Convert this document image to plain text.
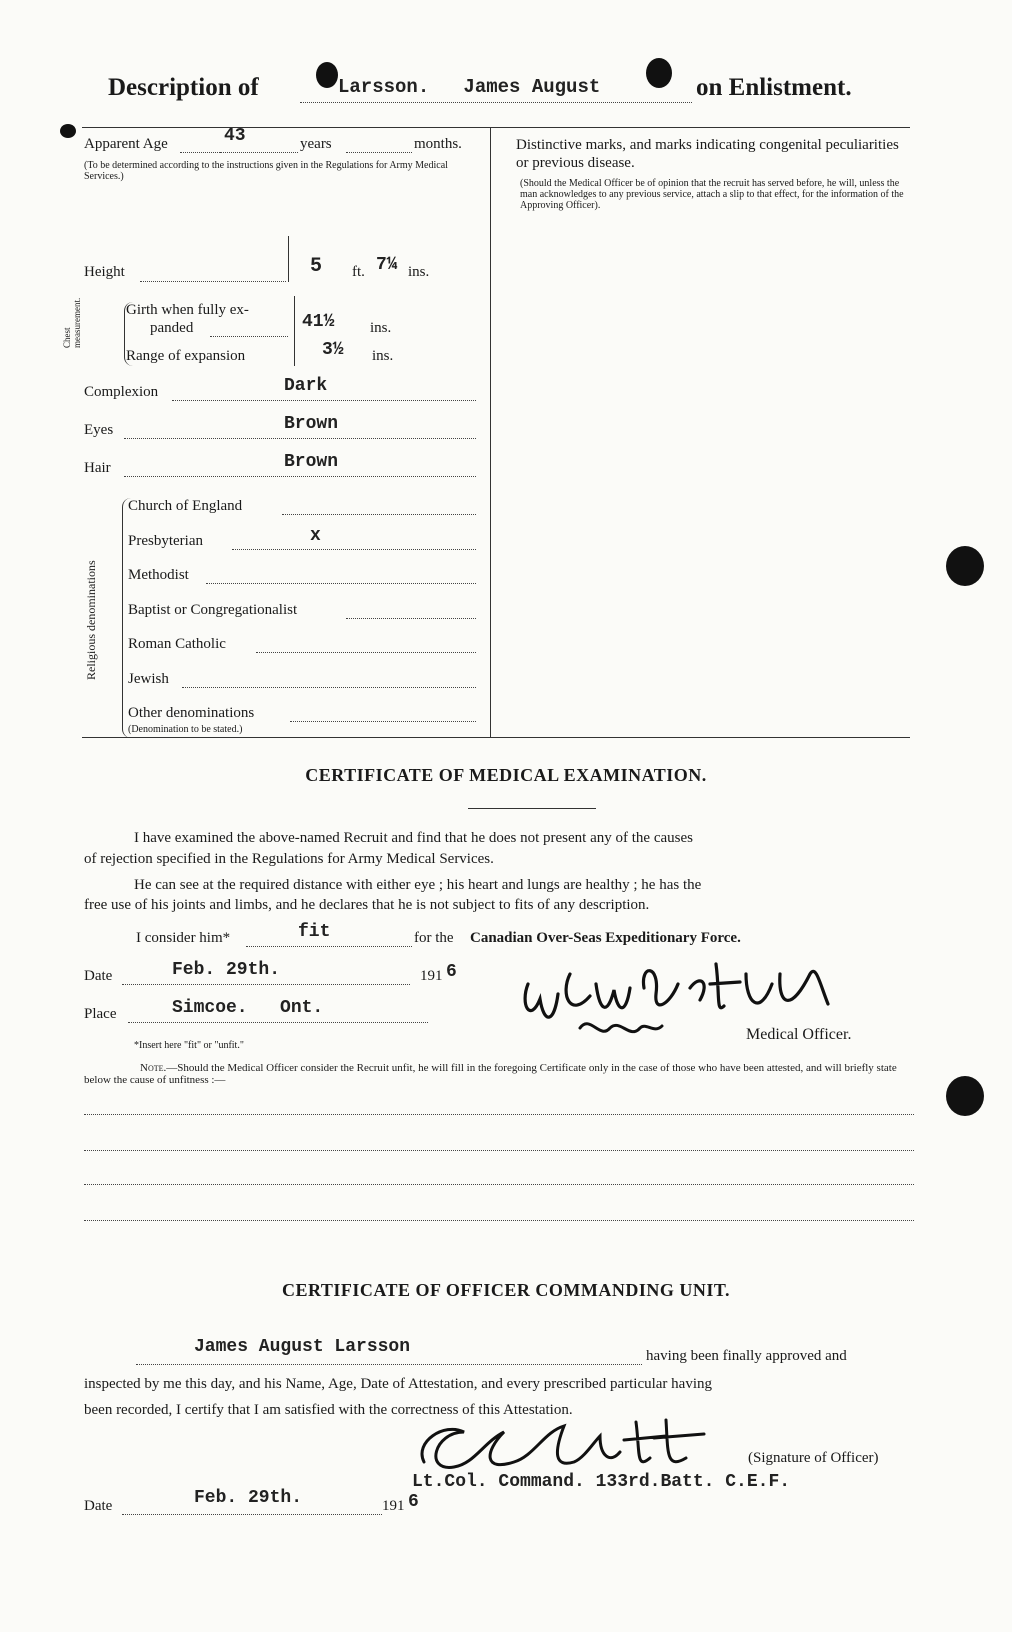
Description of	Larsson.   James August	on Enlistment.
Apparent Age	43	years	months.
(To be determined according to the instructions given in the Regulations for Army Medical Services.)
Height	5 ft. 7¼ ins.
Chest measurement.	Girth when fully ex-
panded	41½ ins.
Range of expansion	3½ ins.
Complexion	Dark
Eyes	Brown
Hair	Brown
Religious denominations
Church of England
Presbyterian	x
Methodist
Baptist or Congregationalist
Roman Catholic
Jewish
Other denominations
(Denomination to be stated.)
Distinctive marks, and marks indicating congenital peculiarities or previous disease.
(Should the Medical Officer be of opinion that the recruit has served before, he will, unless the man acknowledges to any previous service, attach a slip to that effect, for the information of the Approving Officer).
CERTIFICATE OF MEDICAL EXAMINATION.
I have examined the above-named Recruit and find that he does not present any of the causes
of rejection specified in the Regulations for Army Medical Services.
He can see at the required distance with either eye ; his heart and lungs are healthy ; he has the
free use of his joints and limbs, and he declares that he is not subject to fits of any description.
I consider him*	fit	for the Canadian Over-Seas Expeditionary Force.
Date	Feb. 29th.	191 6
Place	Simcoe.   Ont.
*Insert here "fit" or "unfit."
Medical Officer.
Note.—Should the Medical Officer consider the Recruit unfit, he will fill in the foregoing Certificate only in the case of those who have been attested, and will briefly state below the cause of unfitness :—
CERTIFICATE OF OFFICER COMMANDING UNIT.
James August Larsson	having been finally approved and
inspected by me this day, and his Name, Age, Date of Attestation, and every prescribed particular having
been recorded, I certify that I am satisfied with the correctness of this Attestation.
(Signature of Officer)
Lt.Col. Command. 133rd.Batt. C.E.F.
Date	Feb. 29th.	191 6
